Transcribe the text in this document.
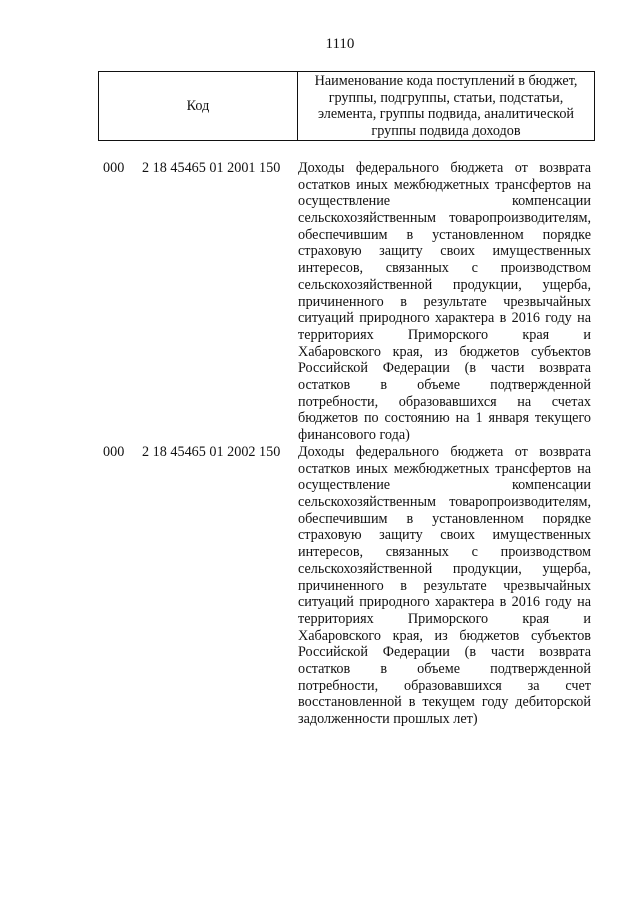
1110
Код	Наименование кода поступлений в бюджет, группы, подгруппы, статьи, подстатьи, элемента, группы подвида, аналитической группы подвида доходов
000 2 18 45465 01 2001 150 Доходы федерального бюджета от возврата
остатков иных межбюджетных трансфертов на
осуществление компенсации
сельскохозяйственным товаропроизводителям,
обеспечившим в установленном порядке
страховую защиту своих имущественных
интересов, связанных с производством
сельскохозяйственной продукции, ущерба,
причиненного в результате чрезвычайных
ситуаций природного характера в 2016 году на
территориях Приморского края и
Хабаровского края, из бюджетов субъектов
Российской Федерации (в части возврата
остатков в объеме подтвержденной
потребности, образовавшихся на счетах
бюджетов по состоянию на 1 января текущего
финансового года)
000 2 18 45465 01 2002 150 Доходы федерального бюджета от возврата
остатков иных межбюджетных трансфертов на
осуществление компенсации
сельскохозяйственным товаропроизводителям,
обеспечившим в установленном порядке
страховую защиту своих имущественных
интересов, связанных с производством
сельскохозяйственной продукции, ущерба,
причиненного в результате чрезвычайных
ситуаций природного характера в 2016 году на
территориях Приморского края и
Хабаровского края, из бюджетов субъектов
Российской Федерации (в части возврата
остатков в объеме подтвержденной
потребности, образовавшихся за счет
восстановленной в текущем году дебиторской
задолженности прошлых лет)
